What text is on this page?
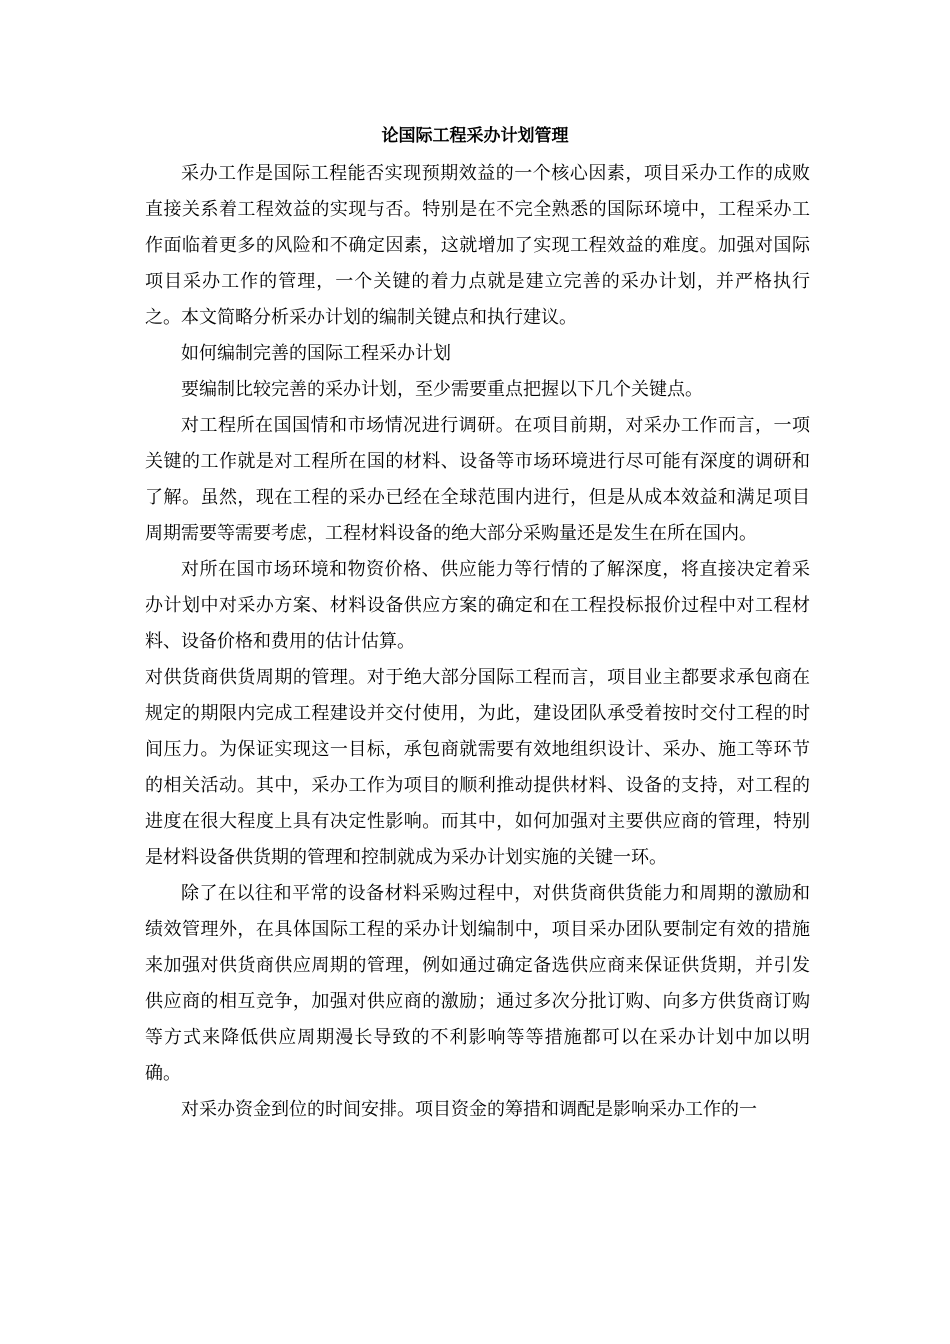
论国际工程采办计划管理

采办工作是国际工程能否实现预期效益的一个核心因素，项目采办工作的成败直接关系着工程效益的实现与否。特别是在不完全熟悉的国际环境中，工程采办工作面临着更多的风险和不确定因素，这就增加了实现工程效益的难度。加强对国际项目采办工作的管理，一个关键的着力点就是建立完善的采办计划，并严格执行之。本文简略分析采办计划的编制关键点和执行建议。

如何编制完善的国际工程采办计划

要编制比较完善的采办计划，至少需要重点把握以下几个关键点。

对工程所在国国情和市场情况进行调研。在项目前期，对采办工作而言，一项关键的工作就是对工程所在国的材料、设备等市场环境进行尽可能有深度的调研和了解。虽然，现在工程的采办已经在全球范围内进行，但是从成本效益和满足项目周期需要等需要考虑，工程材料设备的绝大部分采购量还是发生在所在国内。

对所在国市场环境和物资价格、供应能力等行情的了解深度，将直接决定着采办计划中对采办方案、材料设备供应方案的确定和在工程投标报价过程中对工程材料、设备价格和费用的估计估算。

对供货商供货周期的管理。对于绝大部分国际工程而言，项目业主都要求承包商在规定的期限内完成工程建设并交付使用，为此，建设团队承受着按时交付工程的时间压力。为保证实现这一目标，承包商就需要有效地组织设计、采办、施工等环节的相关活动。其中，采办工作为项目的顺利推动提供材料、设备的支持，对工程的进度在很大程度上具有决定性影响。而其中，如何加强对主要供应商的管理，特别是材料设备供货期的管理和控制就成为采办计划实施的关键一环。

除了在以往和平常的设备材料采购过程中，对供货商供货能力和周期的激励和绩效管理外，在具体国际工程的采办计划编制中，项目采办团队要制定有效的措施来加强对供货商供应周期的管理，例如通过确定备选供应商来保证供货期，并引发供应商的相互竞争，加强对供应商的激励；通过多次分批订购、向多方供货商订购等方式来降低供应周期漫长导致的不利影响等等措施都可以在采办计划中加以明确。

对采办资金到位的时间安排。项目资金的筹措和调配是影响采办工作的一
